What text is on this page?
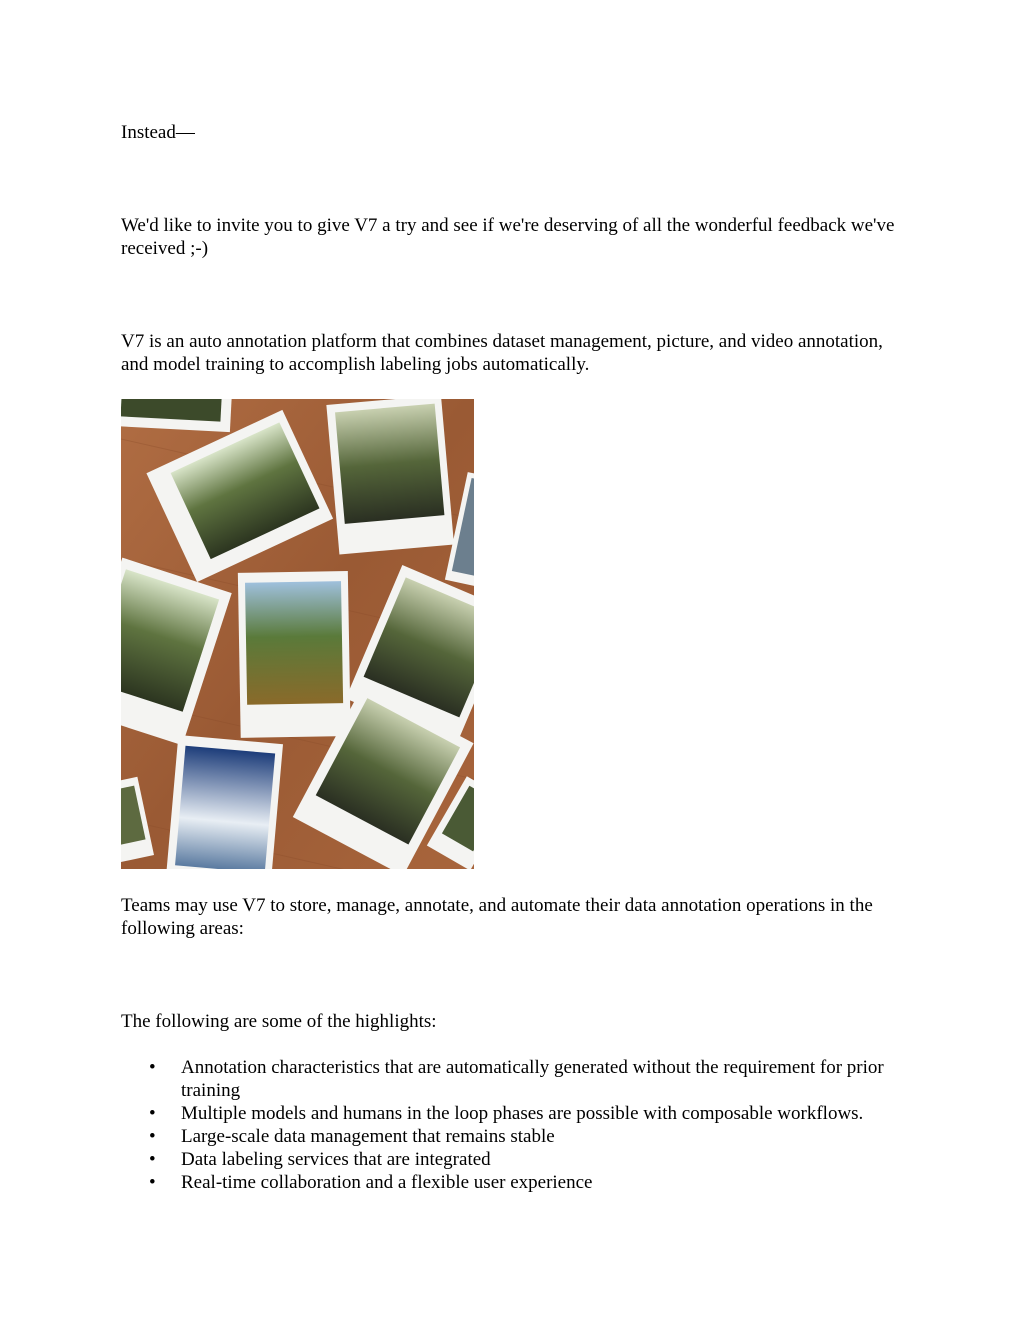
Instead—

We'd like to invite you to give V7 a try and see if we're deserving of all the wonderful feedback we've received ;-)

V7 is an auto annotation platform that combines dataset management, picture, and video annotation, and model training to accomplish labeling jobs automatically.

Teams may use V7 to store, manage, annotate, and automate their data annotation operations in the following areas:

The following are some of the highlights:

• Annotation characteristics that are automatically generated without the requirement for prior training
• Multiple models and humans in the loop phases are possible with composable workflows.
• Large-scale data management that remains stable
• Data labeling services that are integrated
• Real-time collaboration and a flexible user experience
